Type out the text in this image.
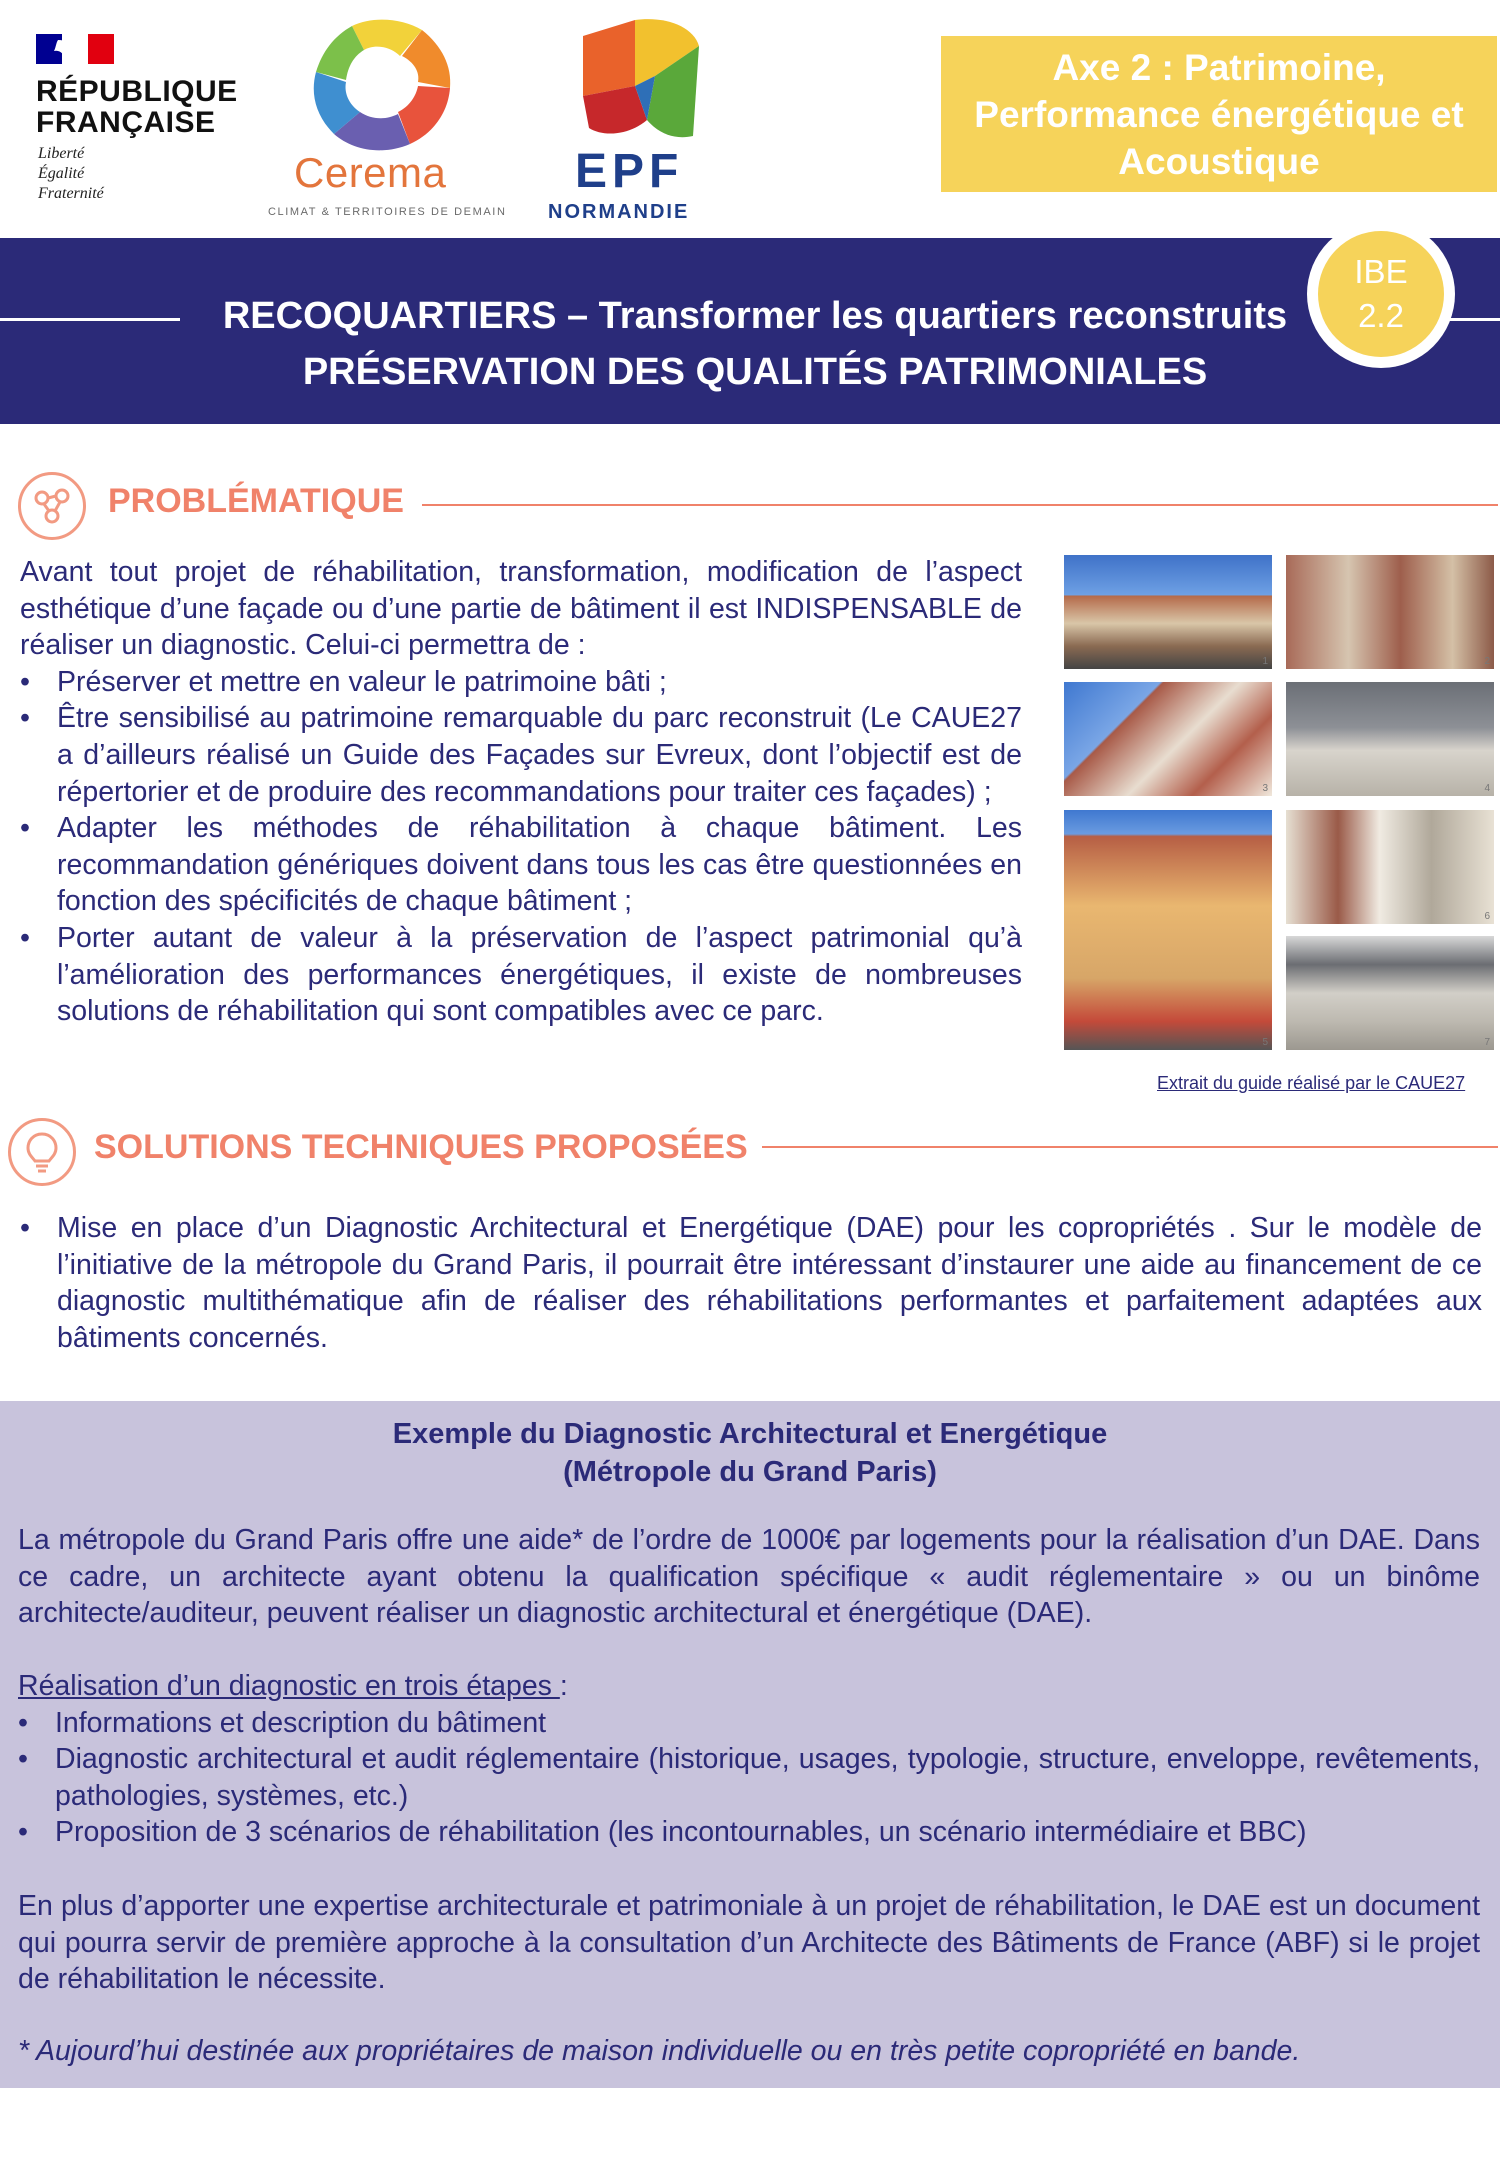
RÉPUBLIQUE
FRANÇAISE
Liberté
Égalité
Fraternité	Cerema
CLIMAT & TERRITOIRES DE DEMAIN
EPF
NORMANDIE
Axe 2 : Patrimoine,
Performance énergétique et
Acoustique
RECOQUARTIERS – Transformer les quartiers reconstruits
PRÉSERVATION DES QUALITÉS PATRIMONIALES
IBE
2.2
PROBLÉMATIQUE

Avant tout projet de réhabilitation, transformation, modification de l’aspect esthétique d’une façade ou d’une partie de bâtiment il est INDISPENSABLE de réaliser un diagnostic. Celui-ci permettra de :

• Préserver et mettre en valeur le patrimoine bâti ;
• Être sensibilisé au patrimoine remarquable du parc reconstruit (Le CAUE27 a d’ailleurs réalisé un Guide des Façades sur Evreux, dont l’objectif est de répertorier et de produire des recommandations pour traiter ces façades) ;
• Adapter les méthodes de réhabilitation à chaque bâtiment. Les recommandation génériques doivent dans tous les cas être questionnées en fonction des spécificités de chaque bâtiment ;
• Porter autant de valeur à la préservation de l’aspect patrimonial qu’à l’amélioration des performances énergétiques, il existe de nombreuses solutions de réhabilitation qui sont compatibles avec ce parc.
1	2
3	4
5
6
7
Extrait du guide réalisé par le CAUE27
SOLUTIONS TECHNIQUES PROPOSÉES
• Mise en place d’un Diagnostic Architectural et Energétique (DAE) pour les copropriétés . Sur le modèle de l’initiative de la métropole du Grand Paris, il pourrait être intéressant d’instaurer une aide au financement de ce diagnostic multithématique afin de réaliser des réhabilitations performantes et parfaitement adaptées aux bâtiments concernés.
Exemple du Diagnostic Architectural et Energétique
(Métropole du Grand Paris)

La métropole du Grand Paris offre une aide* de l’ordre de 1000€ par logements pour la réalisation d’un DAE. Dans ce cadre, un architecte ayant obtenu la qualification spécifique « audit réglementaire » ou un binôme architecte/auditeur, peuvent réaliser un diagnostic architectural et énergétique (DAE).

Réalisation d’un diagnostic en trois étapes :

• Informations et description du bâtiment
• Diagnostic architectural et audit réglementaire (historique, usages, typologie, structure, enveloppe, revêtements, pathologies, systèmes, etc.)
• Proposition de 3 scénarios de réhabilitation (les incontournables, un scénario intermédiaire et BBC)

En plus d’apporter une expertise architecturale et patrimoniale à un projet de réhabilitation, le DAE est un document qui pourra servir de première approche à la consultation d’un Architecte des Bâtiments de France (ABF) si le projet de réhabilitation le nécessite.

* Aujourd’hui destinée aux propriétaires de maison individuelle ou en très petite copropriété en bande.
